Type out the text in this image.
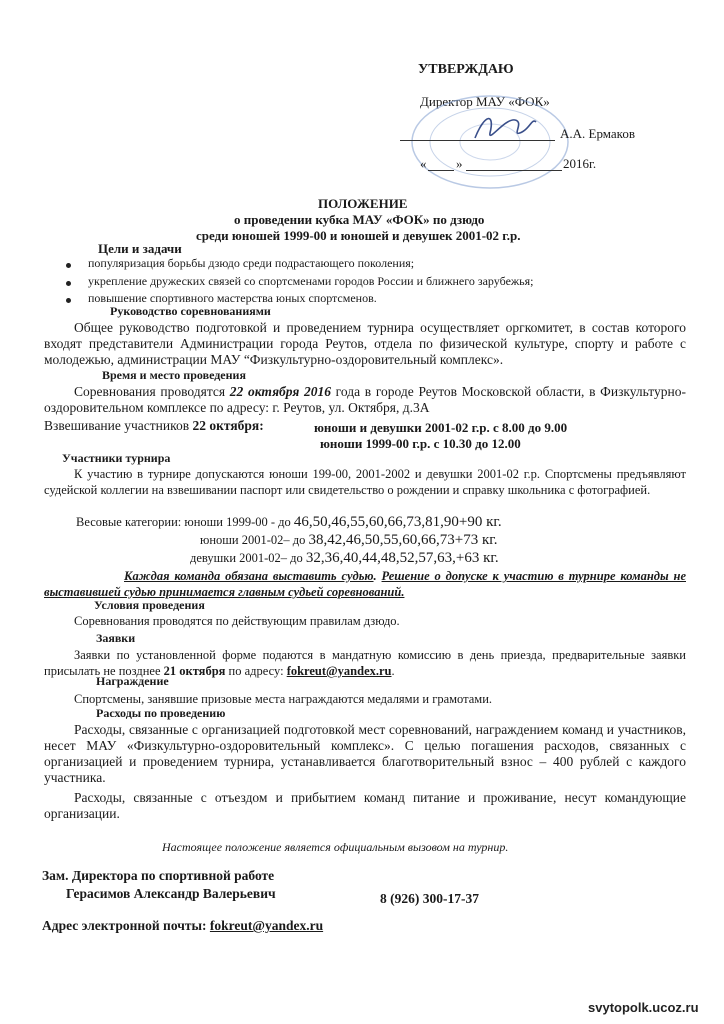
УТВЕРЖДАЮ
Директор МАУ «ФОК»
А.А. Ермаков
« »	2016г.
ПОЛОЖЕНИЕ
о проведении кубка МАУ «ФОК» по дзюдо
среди юношей 1999-00 и юношей и девушек 2001-02 г.р.
Цели и задачи
популяризация борьбы дзюдо среди подрастающего поколения;
укрепление дружеских связей со спортсменами городов России и ближнего зарубежья;
повышение спортивного мастерства юных спортсменов.
Руководство соревнованиями
Общее руководство подготовкой и проведением турнира осуществляет оргкомитет, в состав которого входят представители Администрации города Реутов, отдела по физической культуре, спорту и работе с молодежью, администрации МАУ “Физкультурно-оздоровительный комплекс».
Время и место проведения
Соревнования проводятся 22 октября 2016 года в городе Реутов Московской области, в Физкультурно-оздоровительном комплексе по адресу: г. Реутов, ул. Октября, д.3А
Взвешивание участников 22 октября:	юноши и девушки 2001-02 г.р. с 8.00 до 9.00
юноши 1999-00 г.р. с 10.30 до 12.00
Участники турнира
К участию в турнире допускаются юноши 199-00, 2001-2002 и девушки 2001-02 г.р. Спортсмены предъявляют судейской коллегии на взвешивании паспорт или свидетельство о рождении и справку школьника с фотографией.
Весовые категории: юноши 1999-00 - до 46,50,46,55,60,66,73,81,90+90 кг.
юноши 2001-02– до 38,42,46,50,55,60,66,73+73 кг.
девушки 2001-02– до 32,36,40,44,48,52,57,63,+63 кг.
Каждая команда обязана выставить судью. Решение о допуске к участию в турнире команды не выставившей судью принимается главным судьей соревнований.
Условия проведения
Соревнования проводятся по действующим правилам дзюдо.
Заявки
Заявки по установленной форме подаются в мандатную комиссию в день приезда, предварительные заявки присылать не позднее 21 октября по адресу: fokreut@yandex.ru.
Награждение
Спортсмены, занявшие призовые места награждаются медалями и грамотами.
Расходы по проведению
Расходы, связанные с организацией подготовкой мест соревнований, награждением команд и участников, несет МАУ «Физкультурно-оздоровительный комплекс». С целью погашения расходов, связанных с организацией и проведением турнира, устанавливается благотворительный взнос – 400 рублей с каждого участника.
Расходы, связанные с отъездом и прибытием команд питание и проживание, несут командующие организации.
Настоящее положение является официальным вызовом на турнир.
Зам. Директора по спортивной работе
Герасимов Александр Валерьевич	8 (926) 300-17-37
Адрес электронной почты: fokreut@yandex.ru
svytopolk.ucoz.ru
